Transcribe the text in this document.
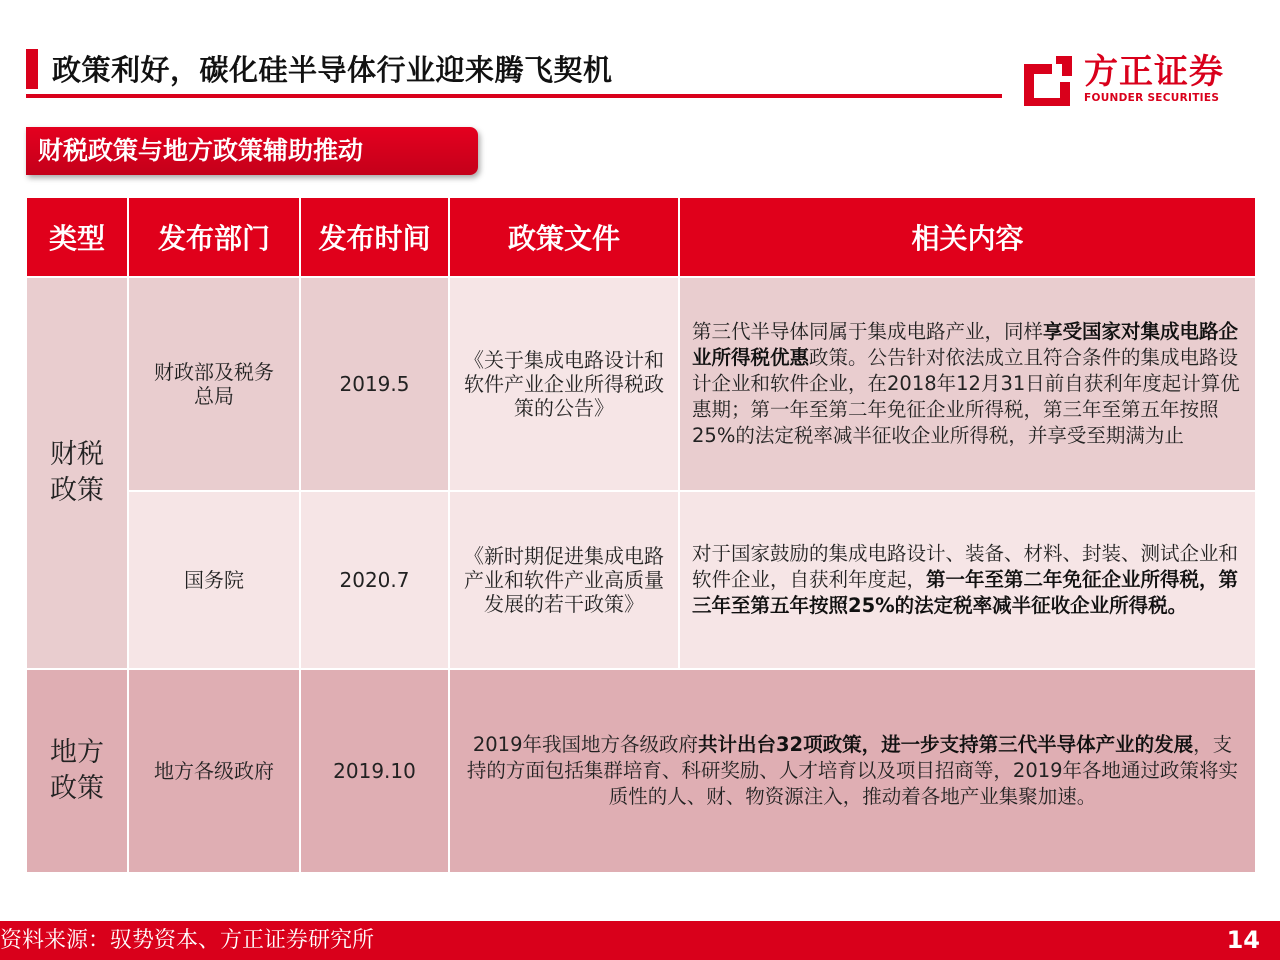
政策利好，碳化硅半导体行业迎来腾飞契机	方正证券
FOUNDER SECURITIES
财税政策与地方政策辅助推动
类型	发布部门	发布时间	政策文件	相关内容

财税政策	财政部及税务总局	2019.5	《关于集成电路设计和软件产业企业所得税政策的公告》	第三代半导体同属于集成电路产业，同样享受国家对集成电路企业所得税优惠政策。公告针对依法成立且符合条件的集成电路设计企业和软件企业，在2018年12月31日前自获利年度起计算优惠期；第一年至第二年免征企业所得税，第三年至第五年按照25%的法定税率减半征收企业所得税，并享受至期满为止
	国务院	2020.7	《新时期促进集成电路产业和软件产业高质量发展的若干政策》	对于国家鼓励的集成电路设计、装备、材料、封装、测试企业和软件企业，自获利年度起，第一年至第二年免征企业所得税，第三年至第五年按照25%的法定税率减半征收企业所得税。

地方政策	地方各级政府	2019.10	2019年我国地方各级政府共计出台32项政策，进一步支持第三代半导体产业的发展，支持的方面包括集群培育、科研奖励、人才培育以及项目招商等，2019年各地通过政策将实质性的人、财、物资源注入，推动着各地产业集聚加速。	
资料来源：驭势资本、方正证券研究所	14
